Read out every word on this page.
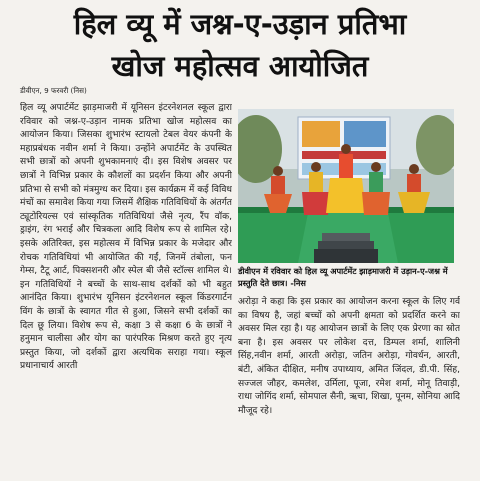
हिल व्यू में जश्न-ए-उड़ान प्रतिभा
खोज महोत्सव आयोजित
डीवीएन, 9 फरवरी (निस)
हिल व्यू अपार्टमेंट झाड़माजरी में यूनिसन इंटरनेशनल स्कूल द्वारा रविवार को जश्न-ए-उड़ान नामक प्रतिभा खोज महोत्सव का आयोजन किया। जिसका शुभारंभ स्टायलो टेबल वेयर कंपनी के महाप्रबंधक नवीन शर्मा ने किया। उन्होंने अपार्टमेंट के उपस्थित सभी छात्रों को अपनी शुभकामनाएं दी। इस विशेष अवसर पर छात्रों ने विभिन्न प्रकार के कौशलों का प्रदर्शन किया और अपनी प्रतिभा से सभी को मंत्रमुग्ध कर दिया। इस कार्यक्रम में कई विविध मंचों का समावेश किया गया जिसमें शैक्षिक गतिविधियों के अंतर्गत ट्यूटोरियल्स एवं सांस्कृतिक गतिविधियां जैसे नृत्य, रैंप वॉक, ड्राइंग, रंग भराई और चित्रकला आदि विशेष रूप से शामिल रहे। इसके अतिरिक्त, इस महोत्सव में विभिन्न प्रकार के मजेदार और रोचक गतिविधियां भी आयोजित की गईं, जिनमें तंबोला, फन गेम्स, टैटू आर्ट, पिक्सशनरी और स्पेल बी जैसे स्टॉल्स शामिल थे। इन गतिविधियों ने बच्चों के साथ-साथ दर्शकों को भी बहुत आनंदित किया। शुभारंभ यूनिसन इंटरनेशनल स्कूल किंडरगार्टन विंग के छात्रों के स्वागत गीत से हुआ, जिसने सभी दर्शकों का दिल छू लिया। विशेष रूप से, कक्षा 3 से कक्षा 6 के छात्रों ने हनुमान चालीसा और योग का पारंपरिक मिश्रण करते हुए नृत्य प्रस्तुत किया, जो दर्शकों द्वारा अत्यधिक सराहा गया। स्कूल प्रधानाचार्य आरती
डीवीएन में रविवार को हिल व्यू अपार्टमेंट झाड़माजरी में उड़ान-ए-जश्न में प्रस्तुति देते छात्र। -निस
अरोड़ा ने कहा कि इस प्रकार का आयोजन करना स्कूल के लिए गर्व का विषय है, जहां बच्चों को अपनी क्षमता को प्रदर्शित करने का अवसर मिल रहा है। यह आयोजन छात्रों के लिए एक प्रेरणा का स्रोत बना है। इस अवसर पर लोकेश दत्त, डिम्पल शर्मा, शालिनी सिंह,नवीन शर्मा, आरती अरोड़ा, जतिन अरोड़ा, गोवर्धन, आरती, बंटी, अंकित दीक्षित, मनीष उपाध्याय, अमित जिंदल, डी.पी. सिंह, सज्जल जौहर, कमलेश, उर्मिला, पूजा, रमेश शर्मा, मोनू तिवाड़ी, राधा जोगिंद शर्मा, सोमपाल सैनी, ऋचा, शिखा, पूनम, सोनिया आदि मौजूद रहे।
